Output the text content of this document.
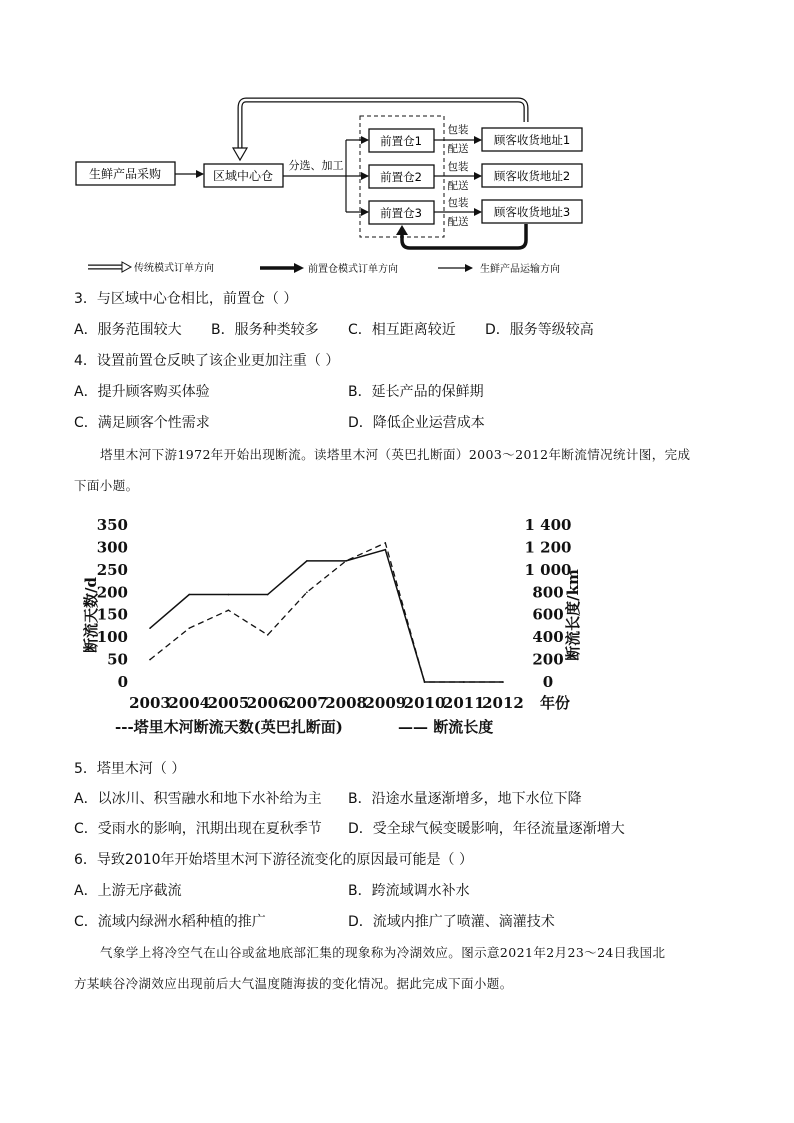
生鲜产品采购	区域中心仓
分选、加工
前置仓1
前置仓2
前置仓3
包装
配送
包装
配送
包装
配送
顾客收货地址1
顾客收货地址2
顾客收货地址3
传统模式订单方向	前置仓模式订单方向	生鲜产品运输方向
3．与区域中心仓相比，前置仓（ ）
A．服务范围较大 B．服务种类较多 C．相互距离较近 D．服务等级较高
4．设置前置仓反映了该企业更加注重（ ）
A．提升顾客购买体验	B．延长产品的保鲜期
C．满足顾客个性需求	D．降低企业运营成本
塔里木河下游1972年开始出现断流。读塔里木河（英巴扎断面）2003～2012年断流情况统计图，完成
下面小题。
0
50
100
150
200
250
300
350
0
200
400
600
800
1 000
1 200
1 400
2003
2004
2005
2006
2007
2008
2009
2010
2011
2012
断流天数/d	断流长度/km
年份
---塔里木河断流天数(英巴扎断面)	—— 断流长度
5．塔里木河（ ）
A．以冰川、积雪融水和地下水补给为主 B．沿途水量逐渐增多，地下水位下降
C．受雨水的影响，汛期出现在夏秋季节 D．受全球气候变暖影响，年径流量逐渐增大
6．导致2010年开始塔里木河下游径流变化的原因最可能是（ ）
A．上游无序截流	B．跨流域调水补水
C．流域内绿洲水稻种植的推广	D．流域内推广了喷灌、滴灌技术
气象学上将冷空气在山谷或盆地底部汇集的现象称为冷湖效应。图示意2021年2月23～24日我国北
方某峡谷冷湖效应出现前后大气温度随海拔的变化情况。据此完成下面小题。
